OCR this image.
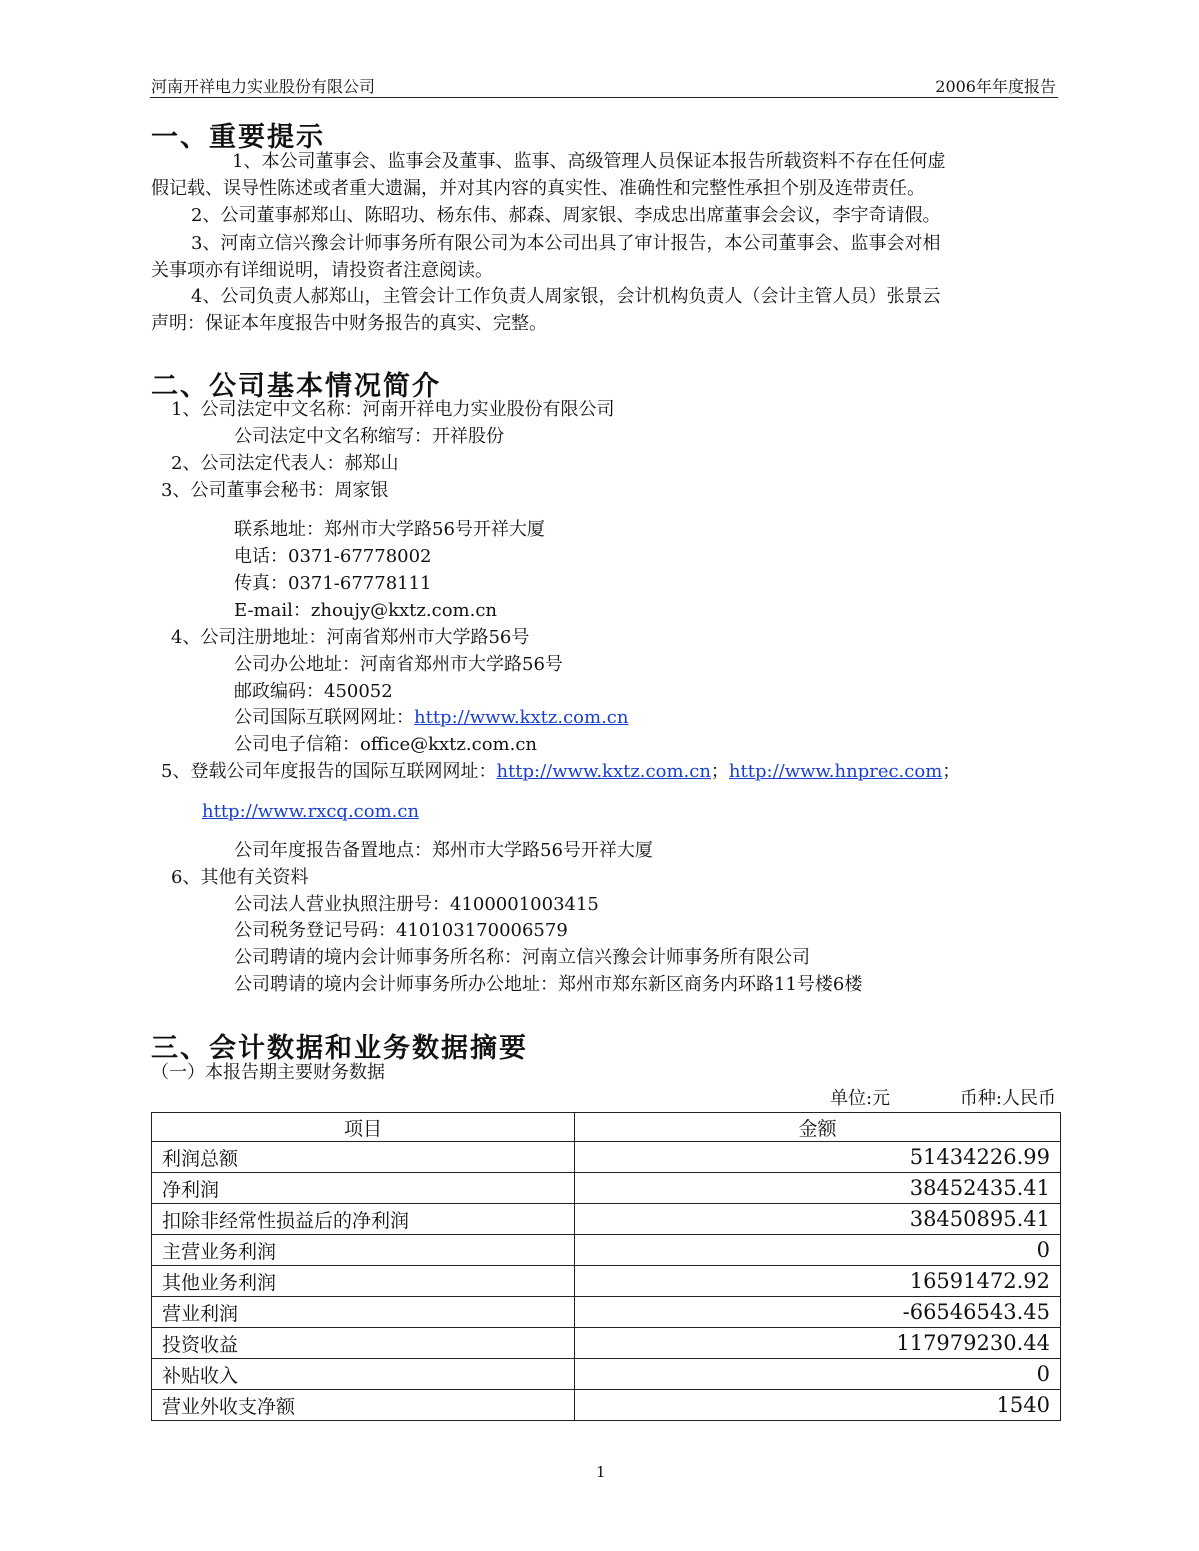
河南开祥电力实业股份有限公司	2006年年度报告
一、重要提示
1、本公司董事会、监事会及董事、监事、高级管理人员保证本报告所载资料不存在任何虚
假记载、误导性陈述或者重大遗漏，并对其内容的真实性、准确性和完整性承担个别及连带责任。
2、公司董事郝郑山、陈昭功、杨东伟、郝森、周家银、李成忠出席董事会会议，李宇奇请假。
3、河南立信兴豫会计师事务所有限公司为本公司出具了审计报告，本公司董事会、监事会对相
关事项亦有详细说明，请投资者注意阅读。
4、公司负责人郝郑山，主管会计工作负责人周家银，会计机构负责人（会计主管人员）张景云
声明：保证本年度报告中财务报告的真实、完整。
二、公司基本情况简介
1、公司法定中文名称：河南开祥电力实业股份有限公司
公司法定中文名称缩写：开祥股份
2、公司法定代表人：郝郑山
3、公司董事会秘书：周家银
联系地址：郑州市大学路56号开祥大厦
电话：0371-67778002
传真：0371-67778111
E-mail：zhoujy@kxtz.com.cn
4、公司注册地址：河南省郑州市大学路56号
公司办公地址：河南省郑州市大学路56号
邮政编码：450052
公司国际互联网网址：http://www.kxtz.com.cn
公司电子信箱：office@kxtz.com.cn
5、登载公司年度报告的国际互联网网址：http://www.kxtz.com.cn；http://www.hnprec.com；
http://www.rxcq.com.cn
公司年度报告备置地点：郑州市大学路56号开祥大厦
6、其他有关资料
公司法人营业执照注册号：4100001003415
公司税务登记号码：410103170006579
公司聘请的境内会计师事务所名称：河南立信兴豫会计师事务所有限公司
公司聘请的境内会计师事务所办公地址：郑州市郑东新区商务内环路11号楼6楼
三、会计数据和业务数据摘要
（一）本报告期主要财务数据
单位:元	币种:人民币
项目	金额
利润总额	51434226.99
净利润	38452435.41
扣除非经常性损益后的净利润	38450895.41
主营业务利润	0
其他业务利润	16591472.92
营业利润	-66546543.45
投资收益	117979230.44
补贴收入	0
营业外收支净额	1540
1
